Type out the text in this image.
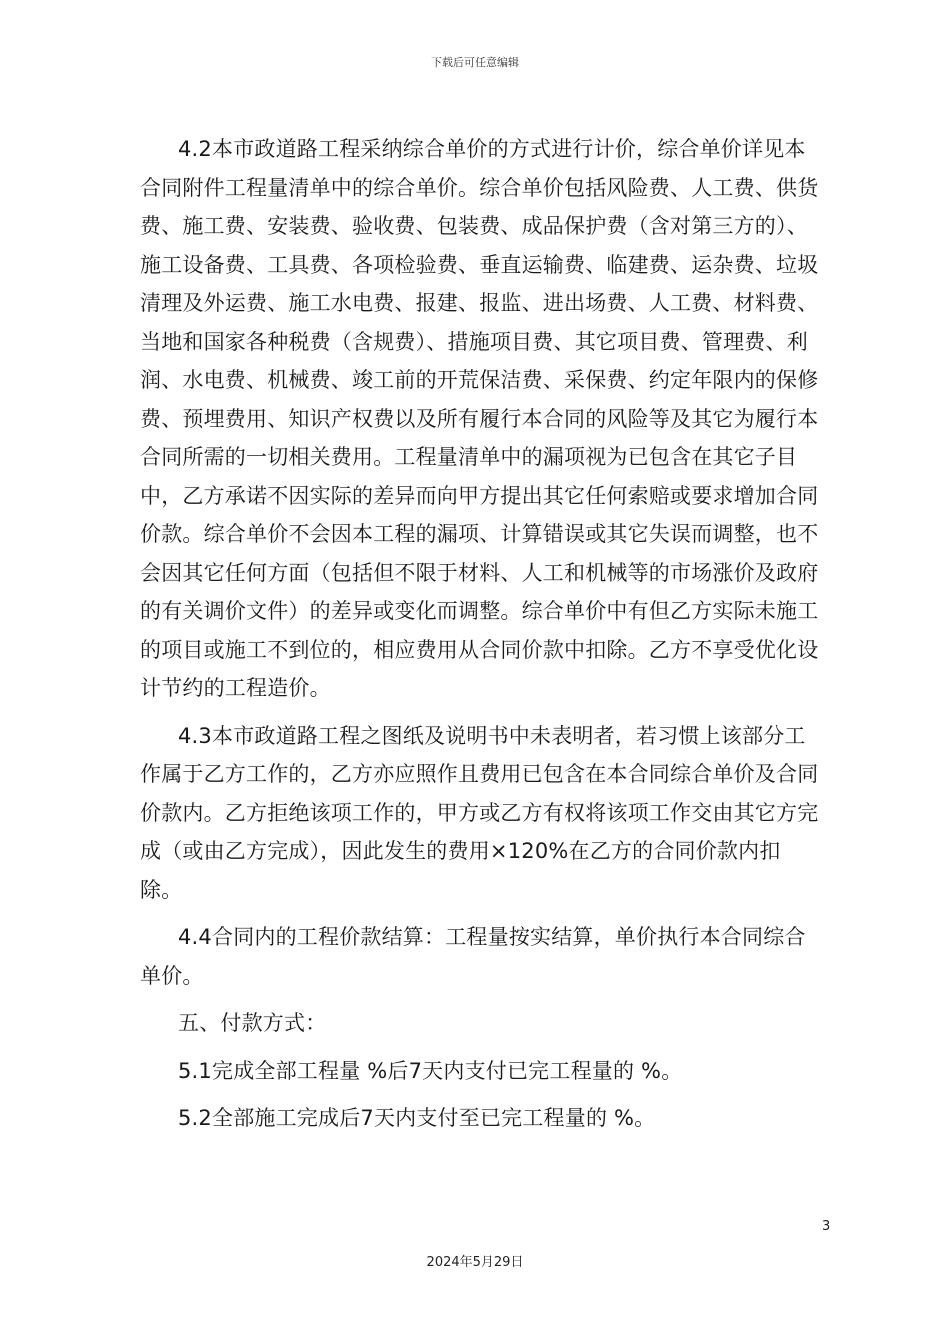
下载后可任意编辑

4.2本市政道路工程采纳综合单价的方式进行计价，综合单价详见本合同附件工程量清单中的综合单价。综合单价包括风险费、人工费、供货费、施工费、安装费、验收费、包装费、成品保护费（含对第三方的）、施工设备费、工具费、各项检验费、垂直运输费、临建费、运杂费、垃圾清理及外运费、施工水电费、报建、报监、进出场费、人工费、材料费、当地和国家各种税费（含规费）、措施项目费、其它项目费、管理费、利润、水电费、机械费、竣工前的开荒保洁费、采保费、约定年限内的保修费、预埋费用、知识产权费以及所有履行本合同的风险等及其它为履行本合同所需的一切相关费用。工程量清单中的漏项视为已包含在其它子目中，乙方承诺不因实际的差异而向甲方提出其它任何索赔或要求增加合同价款。综合单价不会因本工程的漏项、计算错误或其它失误而调整，也不会因其它任何方面（包括但不限于材料、人工和机械等的市场涨价及政府的有关调价文件）的差异或变化而调整。综合单价中有但乙方实际未施工的项目或施工不到位的，相应费用从合同价款中扣除。乙方不享受优化设计节约的工程造价。

4.3本市政道路工程之图纸及说明书中未表明者，若习惯上该部分工作属于乙方工作的，乙方亦应照作且费用已包含在本合同综合单价及合同价款内。乙方拒绝该项工作的，甲方或乙方有权将该项工作交由其它方完成（或由乙方完成），因此发生的费用×120%在乙方的合同价款内扣除。

4.4合同内的工程价款结算：工程量按实结算，单价执行本合同综合单价。

五、付款方式：

5.1完成全部工程量 %后7天内支付已完工程量的 %。

5.2全部施工完成后7天内支付至已完工程量的 %。

3
2024年5月29日
